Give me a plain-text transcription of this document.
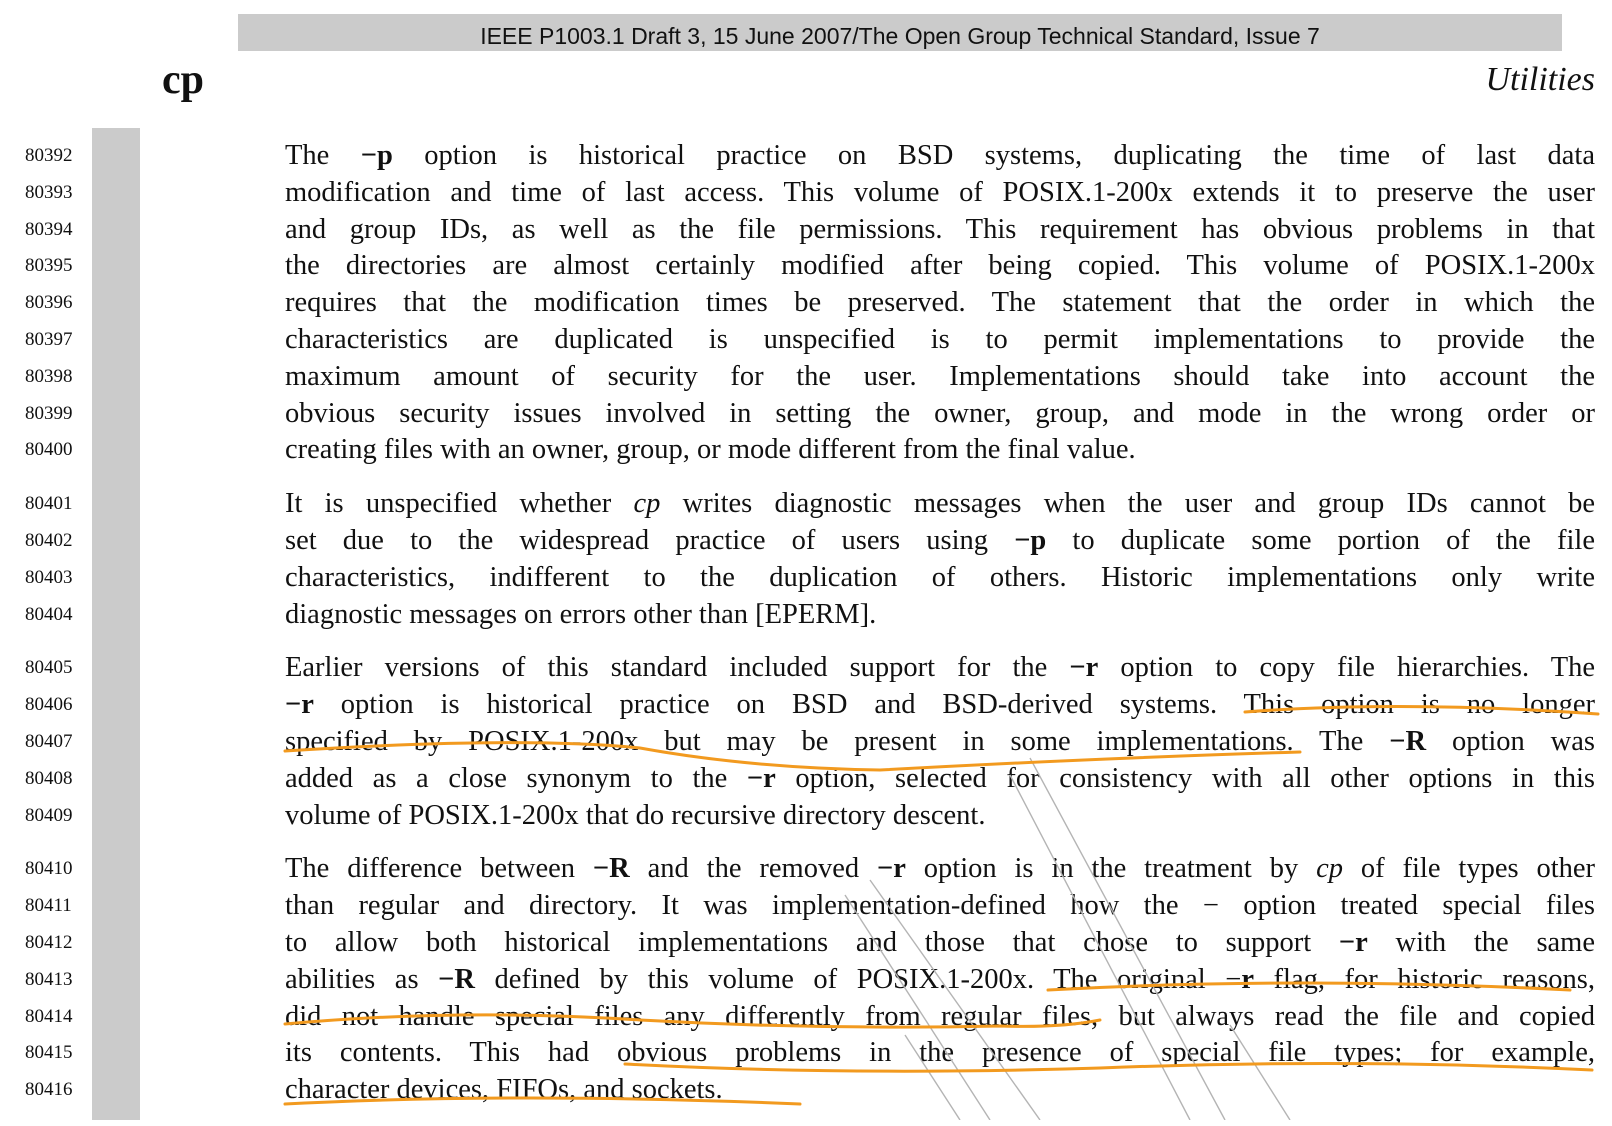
IEEE P1003.1 Draft 3, 15 June 2007/The Open Group Technical Standard, Issue 7
cp	Utilities
80392	The −p option is historical practice on BSD systems, duplicating the time of last data
80393	modification and time of last access. This volume of POSIX.1-200x extends it to preserve the user
80394	and group IDs, as well as the file permissions. This requirement has obvious problems in that
80395	the directories are almost certainly modified after being copied. This volume of POSIX.1-200x
80396	requires that the modification times be preserved. The statement that the order in which the
80397	characteristics are duplicated is unspecified is to permit implementations to provide the
80398	maximum amount of security for the user. Implementations should take into account the
80399	obvious security issues involved in setting the owner, group, and mode in the wrong order or
80400	creating files with an owner, group, or mode different from the final value.
80401	It is unspecified whether cp writes diagnostic messages when the user and group IDs cannot be
80402	set due to the widespread practice of users using −p to duplicate some portion of the file
80403	characteristics, indifferent to the duplication of others. Historic implementations only write
80404	diagnostic messages on errors other than [EPERM].
80405	Earlier versions of this standard included support for the −r option to copy file hierarchies. The
80406	−r option is historical practice on BSD and BSD-derived systems. This option is no longer
80407	specified by POSIX.1-200x but may be present in some implementations. The −R option was
80408	added as a close synonym to the −r option, selected for consistency with all other options in this
80409	volume of POSIX.1-200x that do recursive directory descent.
80410	The difference between −R and the removed −r option is in the treatment by cp of file types other
80411	than regular and directory. It was implementation-defined how the − option treated special files
80412	to allow both historical implementations and those that chose to support −r with the same
80413	abilities as −R defined by this volume of POSIX.1-200x. The original −r flag, for historic reasons,
80414	did not handle special files any differently from regular files, but always read the file and copied
80415	its contents. This had obvious problems in the presence of special file types; for example,
80416	character devices, FIFOs, and sockets.
